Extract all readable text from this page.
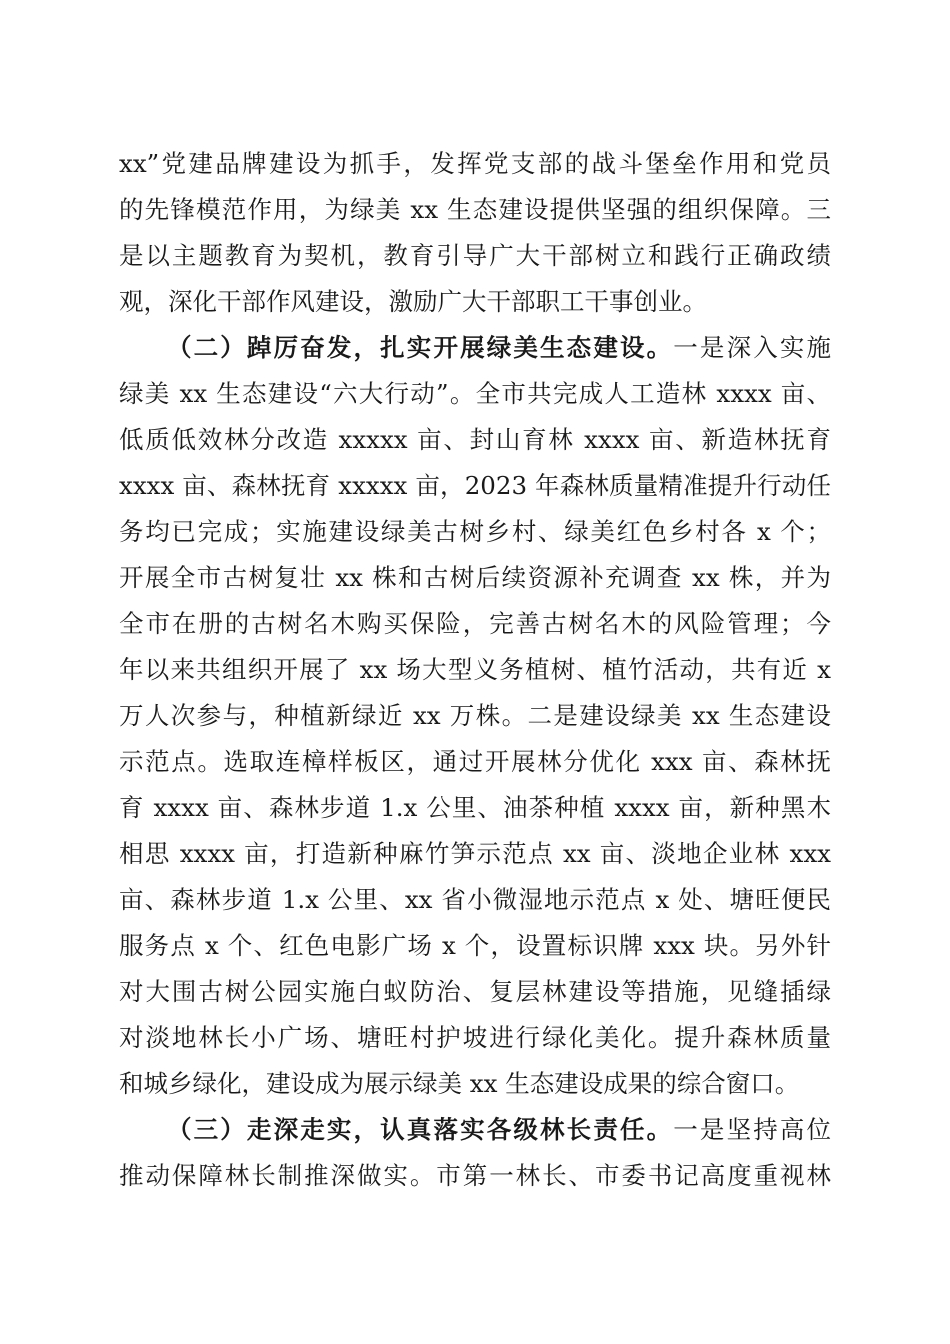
xx”党建品牌建设为抓手，发挥党支部的战斗堡垒作用和党员
的先锋模范作用，为绿美 xx 生态建设提供坚强的组织保障。三
是以主题教育为契机，教育引导广大干部树立和践行正确政绩
观，深化干部作风建设，激励广大干部职工干事创业。
（二）踔厉奋发，扎实开展绿美生态建设。一是深入实施
绿美 xx 生态建设“六大行动”。全市共完成人工造林 xxxx 亩、
低质低效林分改造 xxxxx 亩、封山育林 xxxx 亩、新造林抚育
xxxx 亩、森林抚育 xxxxx 亩，2023 年森林质量精准提升行动任
务均已完成；实施建设绿美古树乡村、绿美红色乡村各 x 个；
开展全市古树复壮 xx 株和古树后续资源补充调查 xx 株，并为
全市在册的古树名木购买保险，完善古树名木的风险管理；今
年以来共组织开展了 xx 场大型义务植树、植竹活动，共有近 x
万人次参与，种植新绿近 xx 万株。二是建设绿美 xx 生态建设
示范点。选取连樟样板区，通过开展林分优化 xxx 亩、森林抚
育 xxxx 亩、森林步道 1.x 公里、油茶种植 xxxx 亩，新种黑木
相思 xxxx 亩，打造新种麻竹笋示范点 xx 亩、淡地企业林 xxx
亩、森林步道 1.x 公里、xx 省小微湿地示范点 x 处、塘旺便民
服务点 x 个、红色电影广场 x 个，设置标识牌 xxx 块。另外针
对大围古树公园实施白蚁防治、复层林建设等措施，见缝插绿
对淡地林长小广场、塘旺村护坡进行绿化美化。提升森林质量
和城乡绿化，建设成为展示绿美 xx 生态建设成果的综合窗口。
（三）走深走实，认真落实各级林长责任。一是坚持高位
推动保障林长制推深做实。市第一林长、市委书记高度重视林
